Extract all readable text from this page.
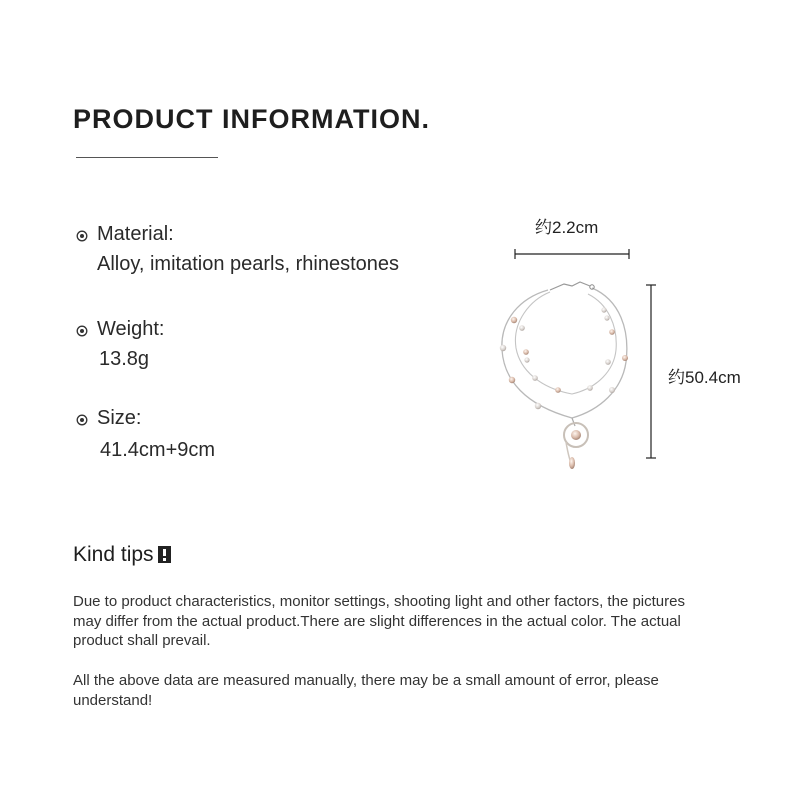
PRODUCT INFORMATION.
Material:
Alloy, imitation pearls, rhinestones
Weight:
13.8g
Size:
41.4cm+9cm
约2.2cm
约50.4cm
Kind tips

Due to product characteristics, monitor settings, shooting light and other factors, the pictures may differ from the actual product.There are slight differences in the actual color. The actual product shall prevail.

All the above data are measured manually, there may be a small amount of error, please understand!
